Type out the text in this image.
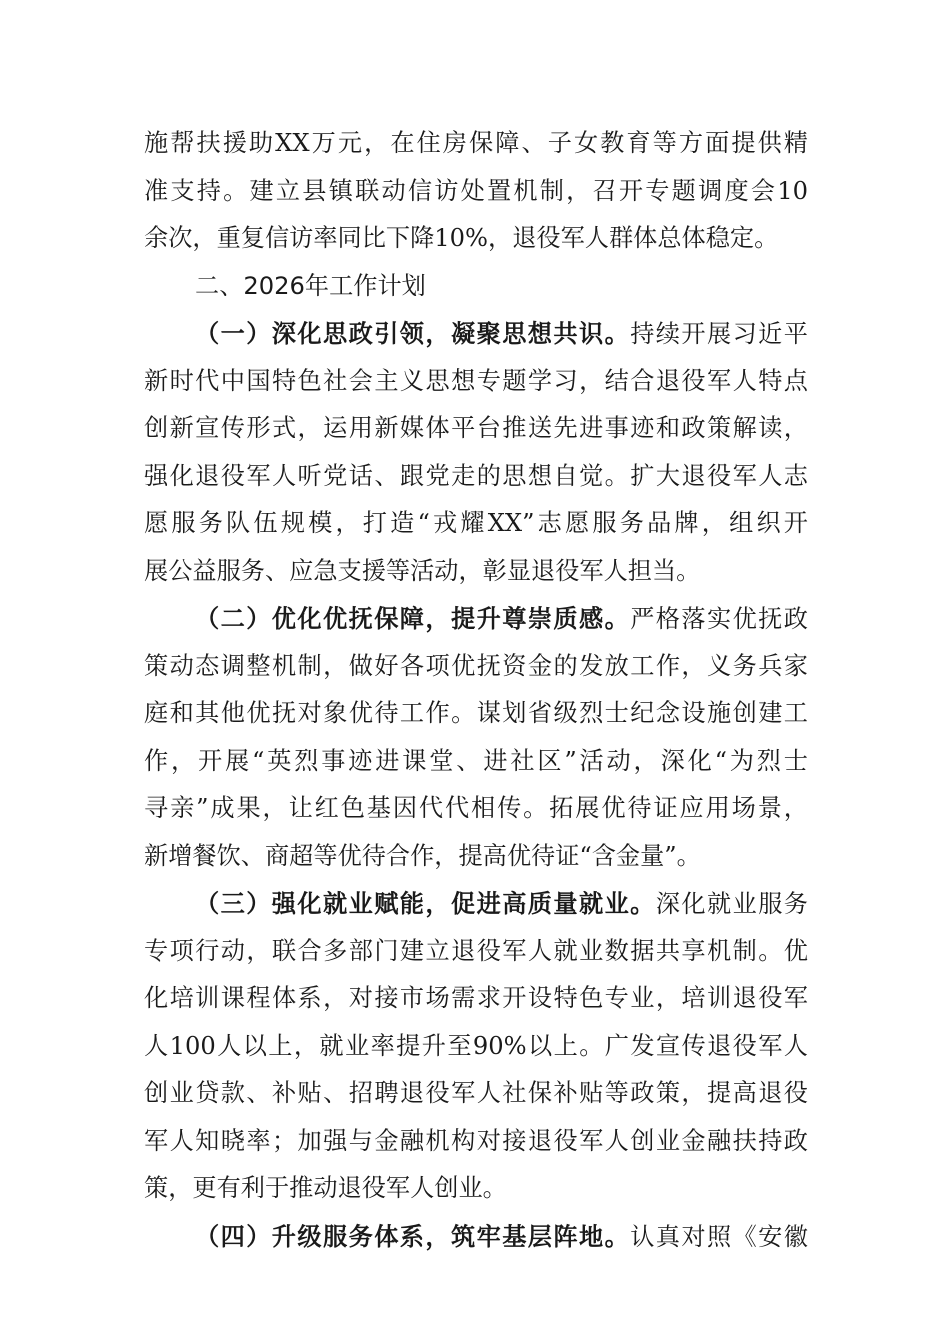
施帮扶援助XX万元，在住房保障、子女教育等方面提供精
准支持。建立县镇联动信访处置机制，召开专题调度会10
余次，重复信访率同比下降10%，退役军人群体总体稳定。
二、2026年工作计划
（一）深化思政引领，凝聚思想共识。持续开展习近平
新时代中国特色社会主义思想专题学习，结合退役军人特点
创新宣传形式，运用新媒体平台推送先进事迹和政策解读，
强化退役军人听党话、跟党走的思想自觉。扩大退役军人志
愿服务队伍规模，打造“戎耀XX”志愿服务品牌，组织开
展公益服务、应急支援等活动，彰显退役军人担当。
（二）优化优抚保障，提升尊崇质感。严格落实优抚政
策动态调整机制，做好各项优抚资金的发放工作，义务兵家
庭和其他优抚对象优待工作。谋划省级烈士纪念设施创建工
作，开展“英烈事迹进课堂、进社区”活动，深化“为烈士
寻亲”成果，让红色基因代代相传。拓展优待证应用场景，
新增餐饮、商超等优待合作，提高优待证“含金量”。
（三）强化就业赋能，促进高质量就业。深化就业服务
专项行动，联合多部门建立退役军人就业数据共享机制。优
化培训课程体系，对接市场需求开设特色专业，培训退役军
人100人以上，就业率提升至90%以上。广发宣传退役军人
创业贷款、补贴、招聘退役军人社保补贴等政策，提高退役
军人知晓率；加强与金融机构对接退役军人创业金融扶持政
策，更有利于推动退役军人创业。
（四）升级服务体系，筑牢基层阵地。认真对照《安徽
